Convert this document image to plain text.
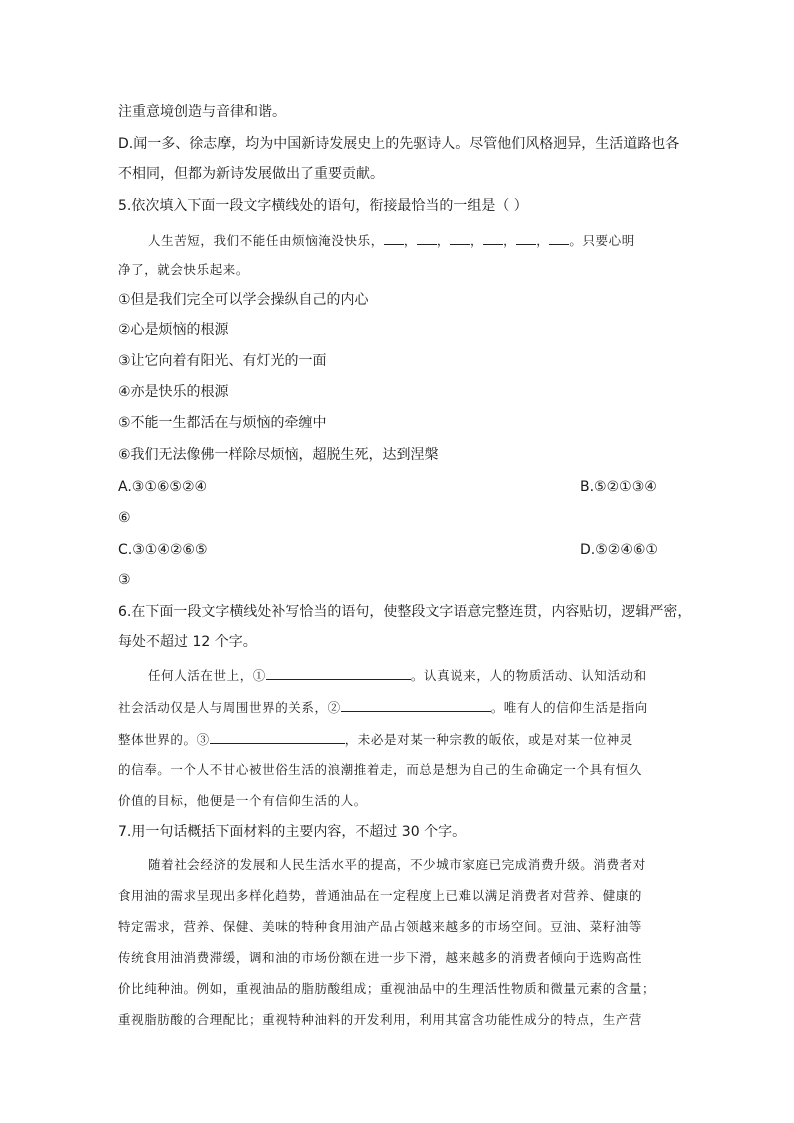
注重意境创造与音律和谐。
D.闻一多、徐志摩，均为中国新诗发展史上的先驱诗人。尽管他们风格迥异，生活道路也各
不相同，但都为新诗发展做出了重要贡献。
5.依次填入下面一段文字横线处的语句，衔接最恰当的一组是（ ）
人生苦短，我们不能任由烦恼淹没快乐， ， ， ， ， ， 。只要心明
净了，就会快乐起来。
①但是我们完全可以学会操纵自己的内心
②心是烦恼的根源
③让它向着有阳光、有灯光的一面
④亦是快乐的根源
⑤不能一生都活在与烦恼的牵缠中
⑥我们无法像佛一样除尽烦恼，超脱生死，达到涅槃
A.③①⑥⑤②④	B.⑤②①③④
⑥
C.③①④②⑥⑤	D.⑤②④⑥①
③
6.在下面一段文字横线处补写恰当的语句，使整段文字语意完整连贯，内容贴切，逻辑严密，
每处不超过 12 个字。
任何人活在世上，①	。认真说来，人的物质活动、认知活动和
社会活动仅是人与周围世界的关系，②	。唯有人的信仰生活是指向
整体世界的。③	，未必是对某一种宗教的皈依，或是对某一位神灵
的信奉。一个人不甘心被世俗生活的浪潮推着走，而总是想为自己的生命确定一个具有恒久
价值的目标，他便是一个有信仰生活的人。
7.用一句话概括下面材料的主要内容，不超过 30 个字。
随着社会经济的发展和人民生活水平的提高，不少城市家庭已完成消费升级。消费者对
食用油的需求呈现出多样化趋势，普通油品在一定程度上已难以满足消费者对营养、健康的
特定需求，营养、保健、美味的特种食用油产品占领越来越多的市场空间。豆油、菜籽油等
传统食用油消费滞缓，调和油的市场份额在进一步下滑，越来越多的消费者倾向于选购高性
价比纯种油。例如，重视油品的脂肪酸组成；重视油品中的生理活性物质和微量元素的含量；
重视脂肪酸的合理配比；重视特种油料的开发利用，利用其富含功能性成分的特点，生产营
